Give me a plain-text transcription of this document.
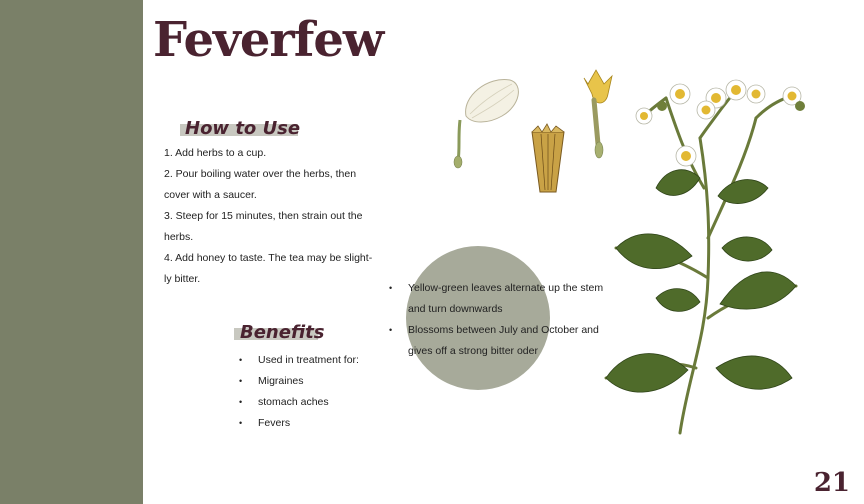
Feverfew
How to Use
1. Add herbs to a cup.
2. Pour boiling water over the herbs, then cover with a saucer.
3. Steep for 15 minutes, then strain out the herbs.
4. Add honey to taste. The tea may be slight-ly bitter.
Benefits
• Used in treatment for:
• Migraines
• stomach aches
• Fevers
• Yellow-green leaves alternate up the stem and turn downwards
• Blossoms between July and October and gives off a strong bitter oder
21
